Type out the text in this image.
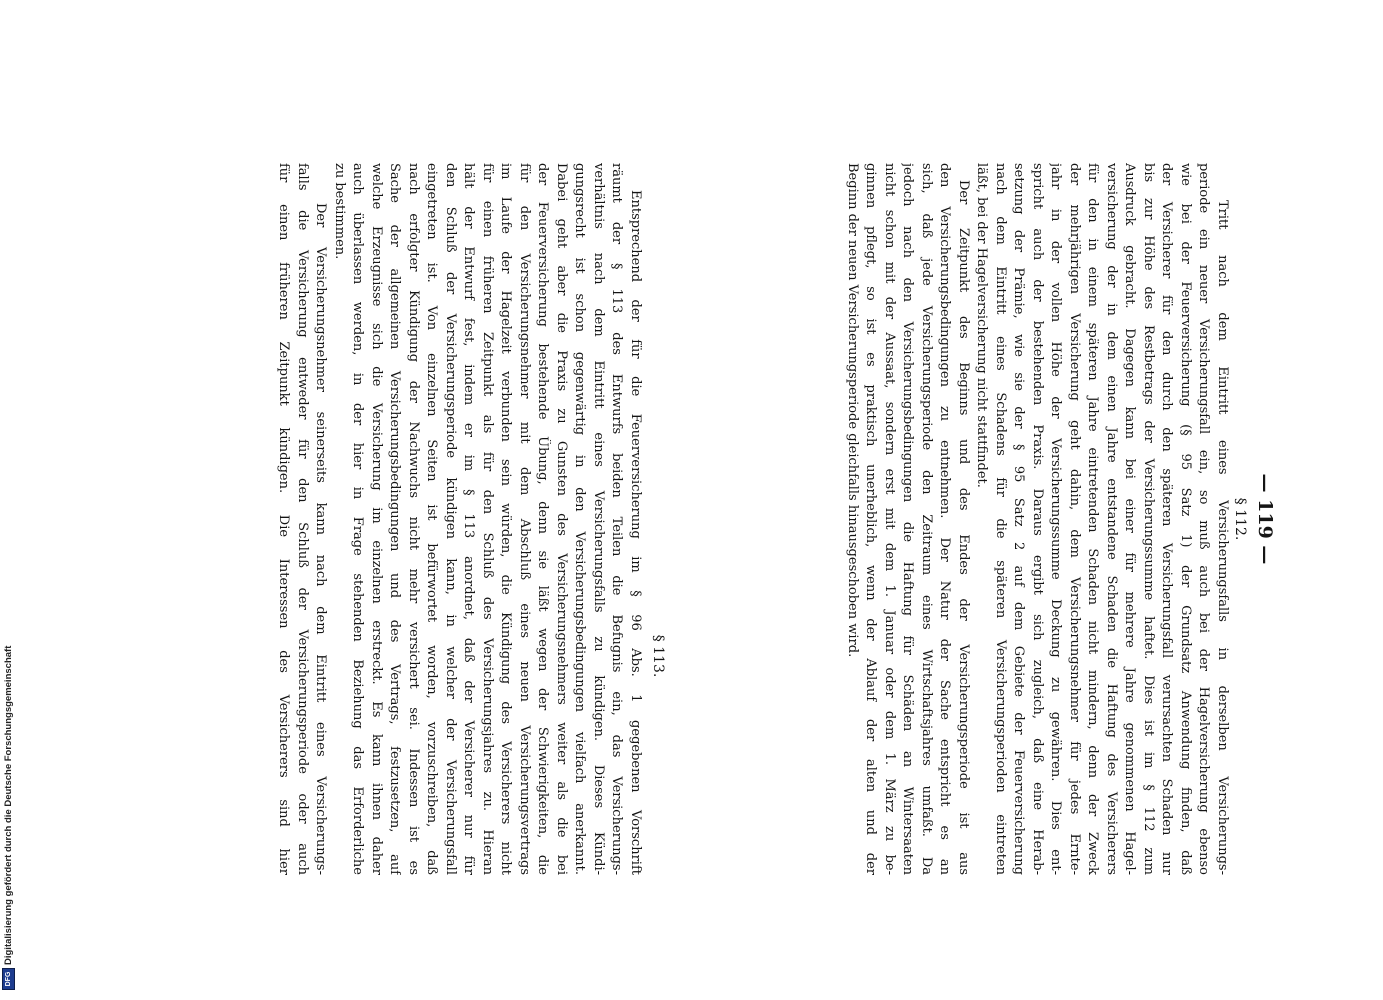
— 119 —
§ 112.
Tritt nach dem Eintritt eines Versicherungsfalls in derselben Versicherungs-
periode ein neuer Versicherungsfall ein, so muß auch bei der Hagelversicherung ebenso
wie bei der Feuerversicherung (§ 95 Satz 1) der Grundsatz Anwendung finden, daß
der Versicherer für den durch den späteren Versicherungsfall verursachten Schaden nur
bis zur Höhe des Restbetrags der Versicherungssumme haftet. Dies ist im § 112 zum
Ausdruck gebracht. Dagegen kann bei einer für mehrere Jahre genommenen Hagel-
versicherung der in dem einen Jahre entstandene Schaden die Haftung des Versicherers
für den in einem späteren Jahre eintretenden Schaden nicht mindern, denn der Zweck
der mehrjährigen Versicherung geht dahin, dem Versicherungsnehmer für jedes Ernte-
jahr in der vollen Höhe der Versicherungssumme Deckung zu gewähren. Dies ent-
spricht auch der bestehenden Praxis. Daraus ergibt sich zugleich, daß eine Herab-
setzung der Prämie, wie sie der § 95 Satz 2 auf dem Gebiete der Feuerversicherung
nach dem Eintritt eines Schadens für die späteren Versicherungsperioden eintreten
läßt, bei der Hagelversicherung nicht stattfindet.
Der Zeitpunkt des Beginns und des Endes der Versicherungsperiode ist aus
den Versicherungsbedingungen zu entnehmen. Der Natur der Sache entspricht es an
sich, daß jede Versicherungsperiode den Zeitraum eines Wirtschaftsjahres umfaßt. Da
jedoch nach den Versicherungsbedingungen die Haftung für Schäden an Wintersaaten
nicht schon mit der Aussaat, sondern erst mit dem 1. Januar oder dem 1. März zu be-
ginnen pflegt, so ist es praktisch unerheblich, wenn der Ablauf der alten und der
Beginn der neuen Versicherungsperiode gleichfalls hinausgeschoben wird.
§ 113.
Entsprechend der für die Feuerversicherung im § 96 Abs. 1 gegebenen Vorschrift
räumt der § 113 des Entwurfs beiden Teilen die Befugnis ein, das Versicherungs-
verhältnis nach dem Eintritt eines Versicherungsfalls zu kündigen. Dieses Kündi-
gungsrecht ist schon gegenwärtig in den Versicherungsbedingungen vielfach anerkannt.
Dabei geht aber die Praxis zu Gunsten des Versicherungsnehmers weiter als die bei
der Feuerversicherung bestehende Übung, denn sie läßt wegen der Schwierigkeiten, die
für den Versicherungsnehmer mit dem Abschluß eines neuen Versicherungsvertrags
im Laufe der Hagelzeit verbunden sein würden, die Kündigung des Versicherers nicht
für einen früheren Zeitpunkt als für den Schluß des Versicherungsjahres zu. Hieran
hält der Entwurf fest, indem er im § 113 anordnet, daß der Versicherer nur für
den Schluß der Versicherungsperiode kündigen kann, in welcher der Versicherungsfall
eingetreten ist. Von einzelnen Seiten ist befürwortet worden, vorzuschreiben, daß
nach erfolgter Kündigung der Nachwuchs nicht mehr versichert sei. Indessen ist es
Sache der allgemeinen Versicherungsbedingungen und des Vertrags, festzusetzen, auf
welche Erzeugnisse sich die Versicherung im einzelnen erstreckt. Es kann ihnen daher
auch überlassen werden, in der hier in Frage stehenden Beziehung das Erforderliche
zu bestimmen.
Der Versicherungsnehmer seinerseits kann nach dem Eintritt eines Versicherungs-
falls die Versicherung entweder für den Schluß der Versicherungsperiode oder auch
für einen früheren Zeitpunkt kündigen. Die Interessen des Versicherers sind hier
Digitalisierung gefördert durch die Deutsche Forschungsgemeinschaft
DFG
